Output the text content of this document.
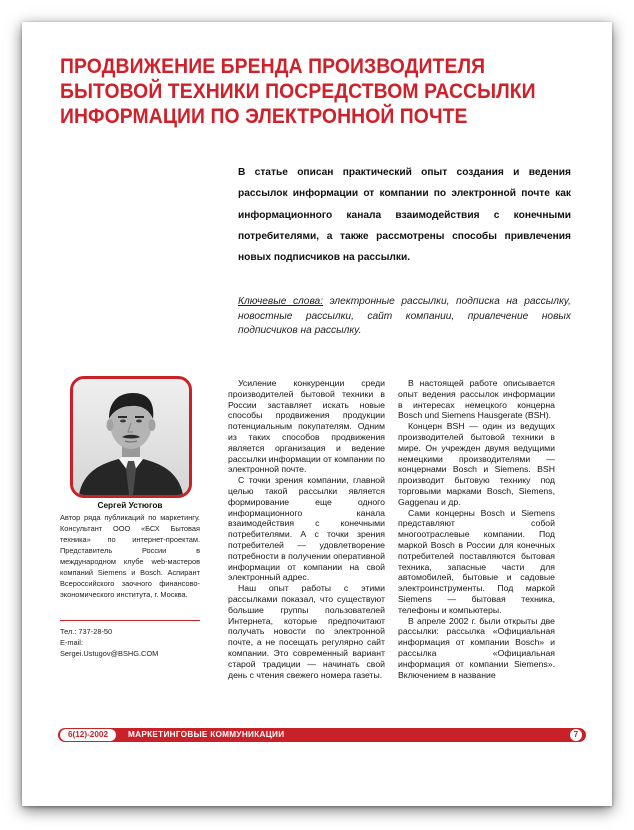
ПРОДВИЖЕНИЕ БРЕНДА ПРОИЗВОДИТЕЛЯ
БЫТОВОЙ ТЕХНИКИ ПОСРЕДСТВОМ РАССЫЛКИ
ИНФОРМАЦИИ ПО ЭЛЕКТРОННОЙ ПОЧТЕ

В статье описан практический опыт создания и ведения рассылок информации от компании по электронной почте как информационного канала взаимодействия с конечными потребителями, а также рассмотрены способы привлечения новых подписчиков на рассылки.

Ключевые слова: электронные рассылки, подписка на рассылку, новостные рассылки, сайт компании, привлечение новых подписчиков на рассылку.

Сергей Устюгов

Автор ряда публикаций по маркетингу. Консультант ООО «БСХ Бытовая техника» по интернет-проектам. Представитель России в международном клубе web-мастеров компаний Siemens и Bosch. Аспирант Всероссийского заочного финансово-экономического института, г. Москва.

Тел.: 737-28-50
E-mail:
Sergei.Ustugov@BSHG.COM

Усиление конкуренции среди производителей бытовой техники в России заставляет искать новые способы продвижения продукции потенциальным покупателям. Одним из таких способов продвижения является организация и ведение рассылки информации от компании по электронной почте.

С точки зрения компании, главной целью такой рассылки является формирование еще одного информационного канала взаимодействия с конечными потребителями. А с точки зрения потребителей — удовлетворение потребности в получении оперативной информации от компании на свой электронный адрес.

Наш опыт работы с этими рассылками показал, что существуют большие группы пользователей Интернета, которые предпочитают получать новости по электронной почте, а не посещать регулярно сайт компании. Это современный вариант старой традиции — начинать свой день с чтения свежего номера газеты.

В настоящей работе описывается опыт ведения рассылок информации в интересах немецкого концерна Bosch und Siemens Hausgerate (BSH).

Концерн BSH — один из ведущих производителей бытовой техники в мире. Он учрежден двумя ведущими немецкими производителями — концернами Bosch и Siemens. BSH производит бытовую технику под торговыми марками Bosch, Siemens, Gaggenau и др.

Сами концерны Bosch и Siemens представляют собой многоотраслевые компании. Под маркой Bosch в России для конечных потребителей поставляются бытовая техника, запасные части для автомобилей, бытовые и садовые электроинструменты. Под маркой Siemens — бытовая техника, телефоны и компьютеры.

В апреле 2002 г. были открыты две рассылки: рассылка «Официальная информация от компании Bosch» и рассылка «Официальная информация от компании Siemens». Включением в название

6(12)-2002	МАРКЕТИНГОВЫЕ КОММУНИКАЦИИ	7
